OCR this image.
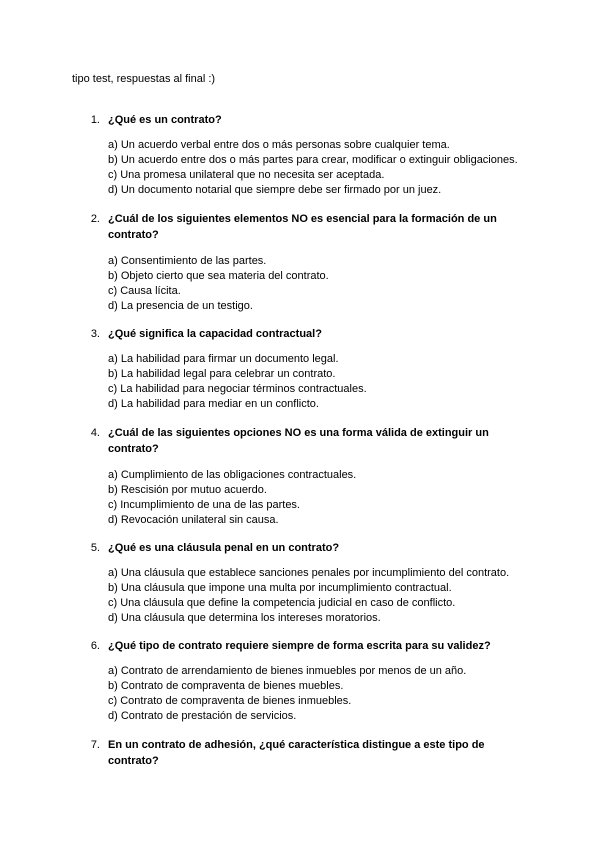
tipo test, respuestas al final :)
1. ¿Qué es un contrato?
a) Un acuerdo verbal entre dos o más personas sobre cualquier tema.
b) Un acuerdo entre dos o más partes para crear, modificar o extinguir obligaciones.
c) Una promesa unilateral que no necesita ser aceptada.
d) Un documento notarial que siempre debe ser firmado por un juez.
2. ¿Cuál de los siguientes elementos NO es esencial para la formación de un contrato?
a) Consentimiento de las partes.
b) Objeto cierto que sea materia del contrato.
c) Causa lícita.
d) La presencia de un testigo.
3. ¿Qué significa la capacidad contractual?
a) La habilidad para firmar un documento legal.
b) La habilidad legal para celebrar un contrato.
c) La habilidad para negociar términos contractuales.
d) La habilidad para mediar en un conflicto.
4. ¿Cuál de las siguientes opciones NO es una forma válida de extinguir un contrato?
a) Cumplimiento de las obligaciones contractuales.
b) Rescisión por mutuo acuerdo.
c) Incumplimiento de una de las partes.
d) Revocación unilateral sin causa.
5. ¿Qué es una cláusula penal en un contrato?
a) Una cláusula que establece sanciones penales por incumplimiento del contrato.
b) Una cláusula que impone una multa por incumplimiento contractual.
c) Una cláusula que define la competencia judicial en caso de conflicto.
d) Una cláusula que determina los intereses moratorios.
6. ¿Qué tipo de contrato requiere siempre de forma escrita para su validez?
a) Contrato de arrendamiento de bienes inmuebles por menos de un año.
b) Contrato de compraventa de bienes muebles.
c) Contrato de compraventa de bienes inmuebles.
d) Contrato de prestación de servicios.
7. En un contrato de adhesión, ¿qué característica distingue a este tipo de contrato?
